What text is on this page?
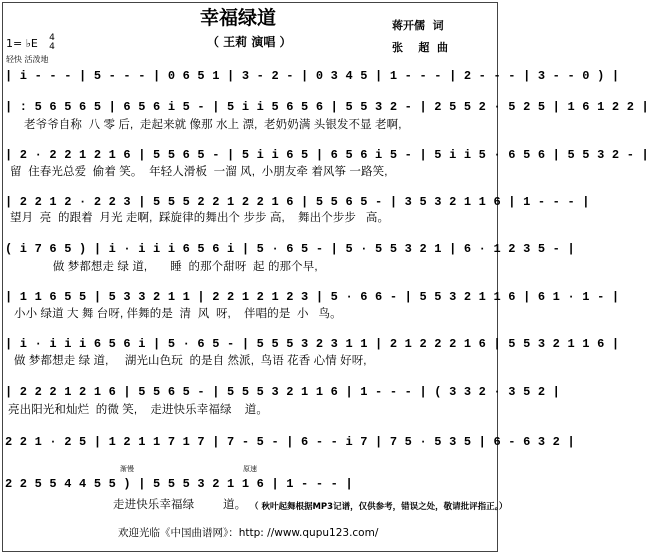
幸福绿道
（ 王莉 演唱 ）
蒋开儒  词
张    超  曲
1= ♭E 4
4
轻快 活泼地
| i - - - | 5 - - - | 0 6 5 1 | 3 - 2 - | 0 3 4 5 | 1 - - - | 2 - - - | 3 - - 0 ) |
| : 5 6 5 6 5 | 6 5 6 i 5 - | 5 i i 5 6 5 6 | 5 5 3 2 - | 2 5 5 2 · 5 2 5 | 1 6 1 2 2 |
老爷爷自称  八 零 后,  走起来就 像那 水上 漂,  老奶奶满 头银发不显 老啊,
| 2 · 2 2 1 2 1 6 | 5 5 6 5 - | 5 i i 6 5 | 6 5 6 i 5 - | 5 i i 5 · 6 5 6 | 5 5 3 2 - |
留  住春光总爱  偷着 笑。  年轻人滑板  一溜 风,  小朋友牵 着风筝 一路笑,
| 2 2 1 2 · 2 2 3 | 5 5 5 2 2 1 2 2 1 6 | 5 5 6 5 - | 3 5 3 2 1 1 6 | 1 - - - |
望月  亮  的跟着  月光 走啊,  踩旋律的舞出个 步步 高,    舞出个步步   高。
( i 7 6 5 ) | i · i i i 6 5 6 i | 5 · 6 5 - | 5 · 5 5 3 2 1 | 6 · 1 2 3 5 - |
做 梦都想走 绿 道,       睡  的那个甜呀  起 的那个早,
| 1 1 6 5 5 | 5 3 3 2 1 1 | 2 2 1 2 1 2 3 | 5 · 6 6 - | 5 5 3 2 1 1 6 | 6 1 · 1 - |
小小 绿道 大 舞 台呀, 伴舞的是  清  风  呀,    伴唱的是  小   鸟。
| i · i i i 6 5 6 i | 5 · 6 5 - | 5 5 5 3 2 3 1 1 | 2 1 2 2 2 1 6 | 5 5 3 2 1 1 6 |
做 梦都想走 绿 道,     湖光山色玩  的是自 然派,  鸟语 花香 心情 好呀,
| 2 2 2 1 2 1 6 | 5 5 6 5 - | 5 5 5 3 2 1 1 6 | 1 - - - | ( 3 3 2 · 3 5 2 |
亮出阳光和灿烂  的微 笑,    走进快乐幸福绿    道。
2 2 1 · 2 5 | 1 2 1 1 7 1 7 | 7 - 5 - | 6 - - i 7 | 7 5 · 5 3 5 | 6 - 6 3 2 |
渐慢	原速
2 2 5 5 4 4 5 5 ) | 5 5 5 3 2 1 1 6 | 1 - - - |
走进快乐幸福绿	道。 （ 秋叶起舞根据MP3记谱，仅供参考，错误之处，敬请批评指正。）
欢迎光临《中国曲谱网》：http: //www.qupu123.com/
